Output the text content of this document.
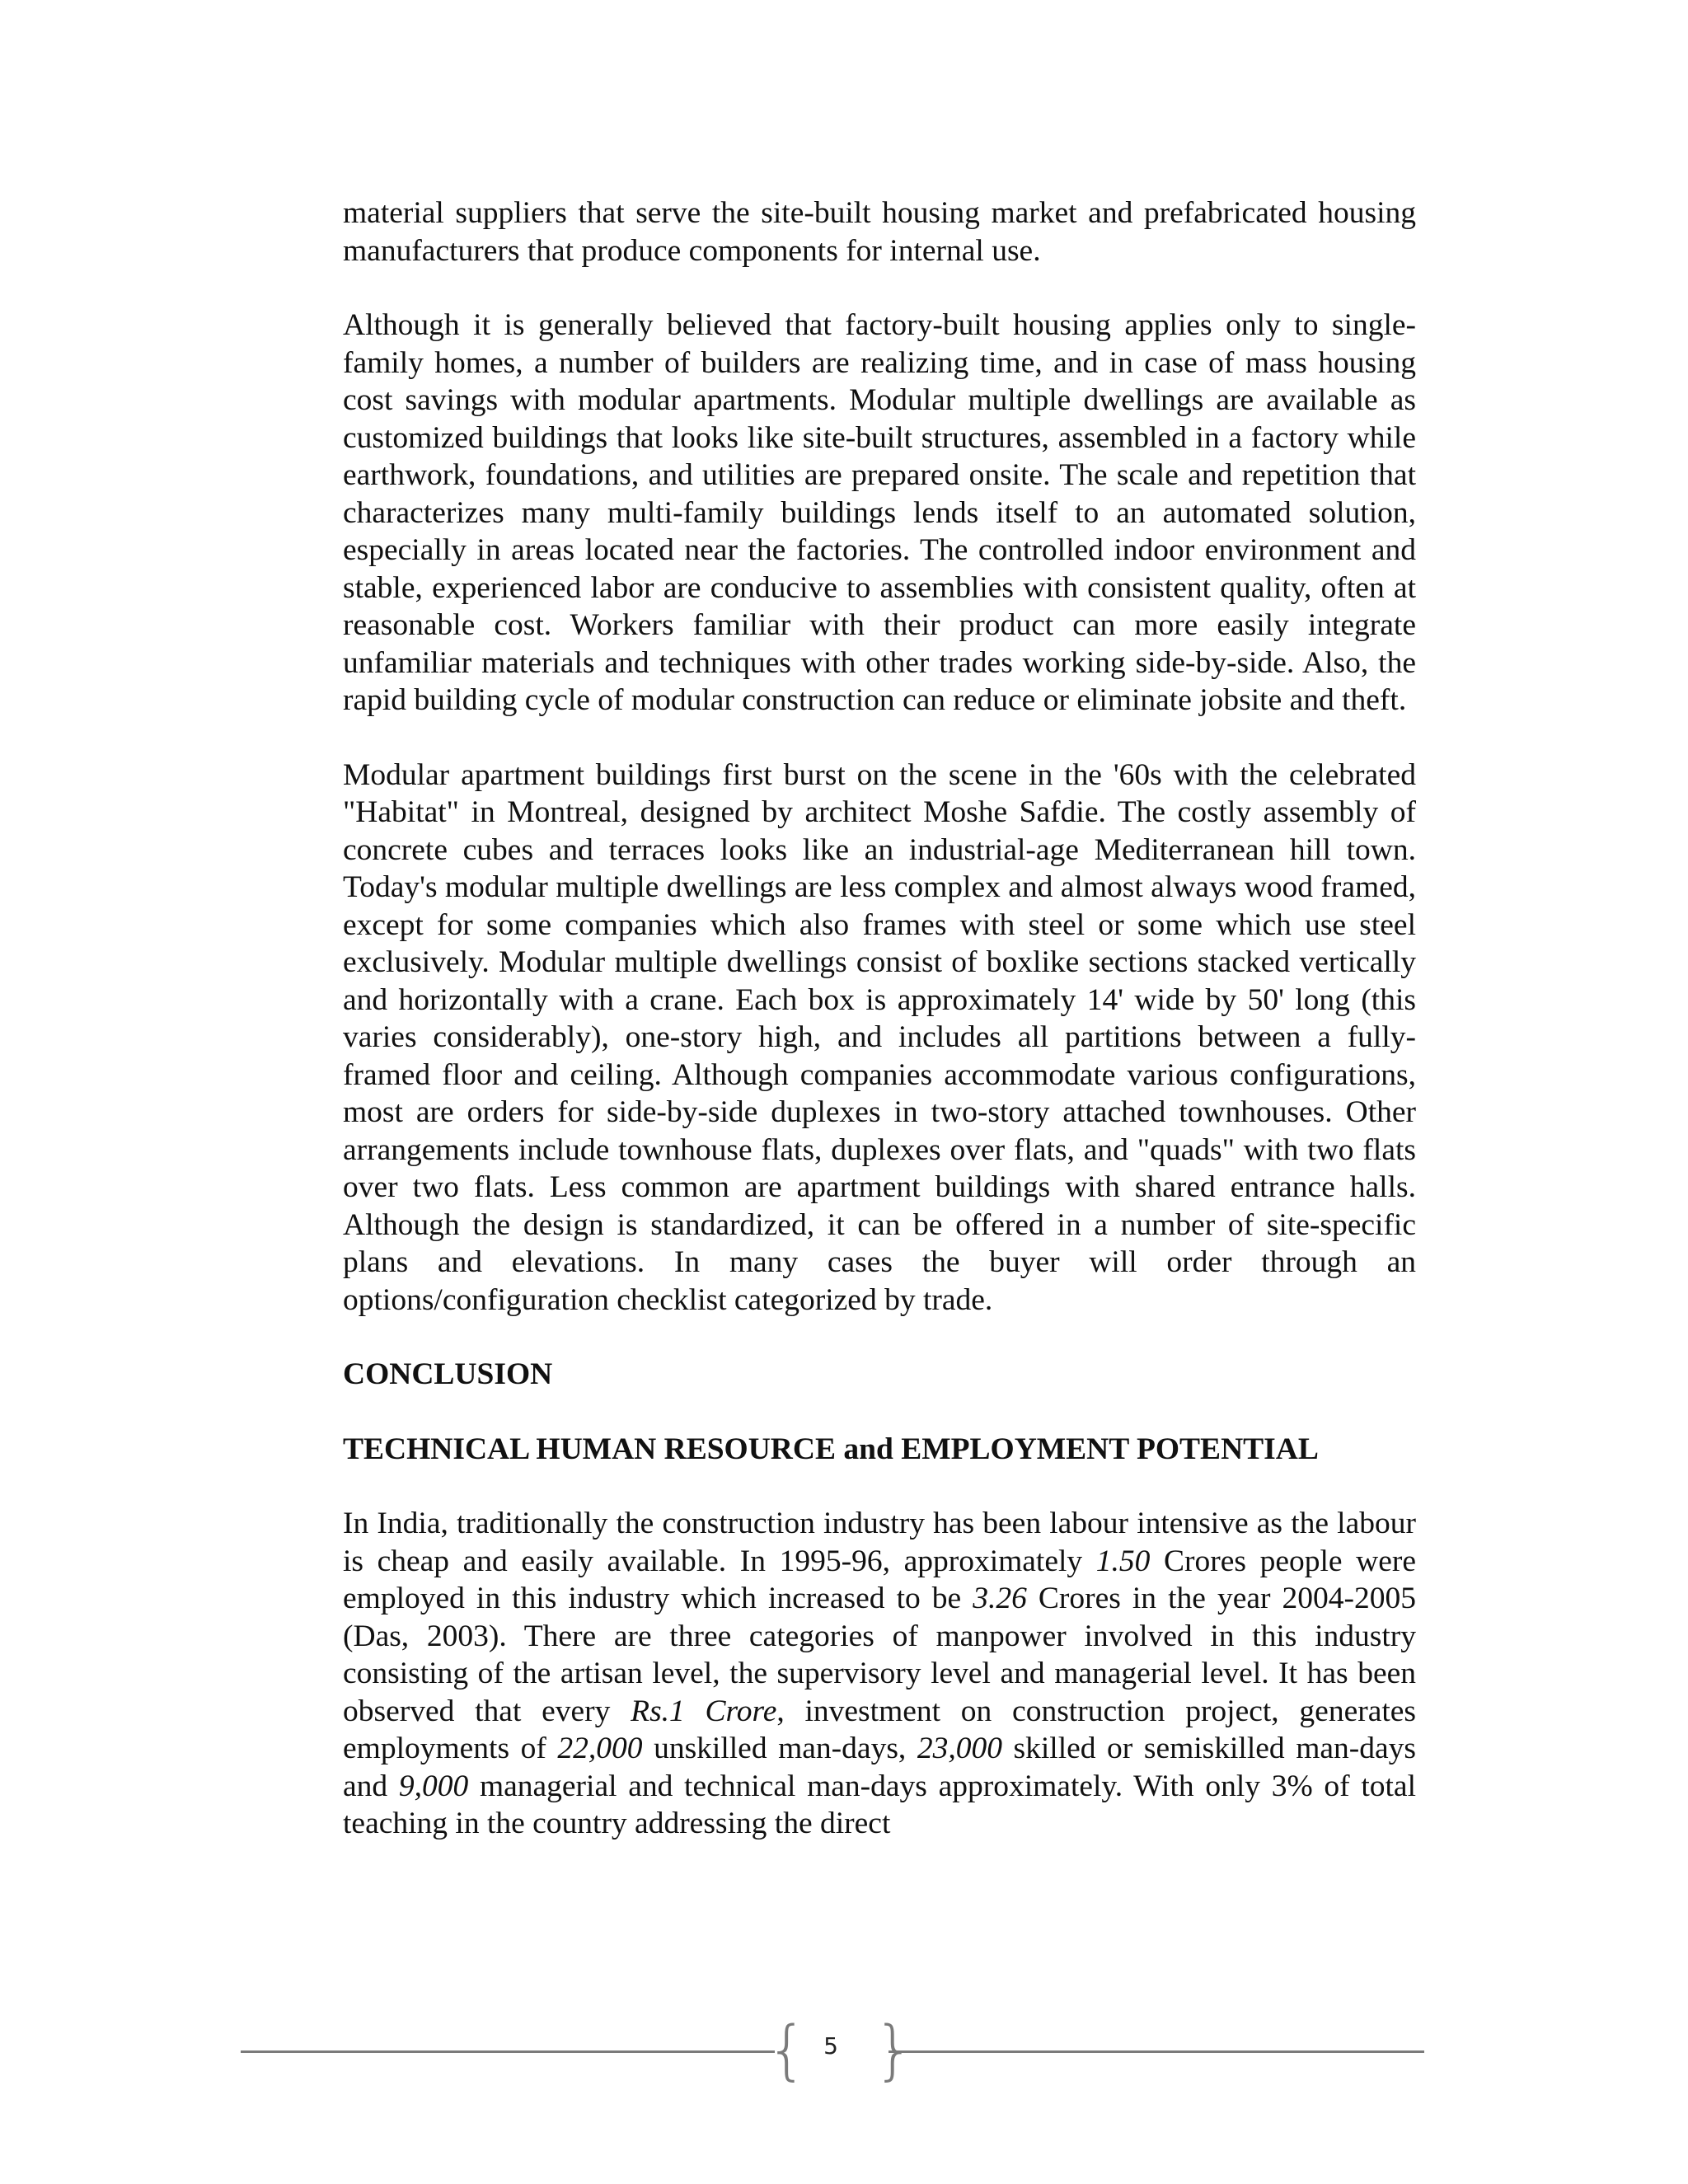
material suppliers that serve the site-built housing market and prefabricated housing manufacturers that produce components for internal use.

Although it is generally believed that factory-built housing applies only to single-family homes, a number of builders are realizing time, and in case of mass housing cost savings with modular apartments. Modular multiple dwellings are available as customized buildings that looks like site-built structures, assembled in a factory while earthwork, foundations, and utilities are prepared onsite. The scale and repetition that characterizes many multi-family buildings lends itself to an automated solution, especially in areas located near the factories. The controlled indoor environment and stable, experienced labor are conducive to assemblies with consistent quality, often at reasonable cost. Workers familiar with their product can more easily integrate unfamiliar materials and techniques with other trades working side-by-side. Also, the rapid building cycle of modular construction can reduce or eliminate jobsite and theft.

Modular apartment buildings first burst on the scene in the '60s with the celebrated "Habitat" in Montreal, designed by architect Moshe Safdie. The costly assembly of concrete cubes and terraces looks like an industrial-age Mediterranean hill town. Today's modular multiple dwellings are less complex and almost always wood framed, except for some companies which also frames with steel or some which use steel exclusively. Modular multiple dwellings consist of boxlike sections stacked vertically and horizontally with a crane. Each box is approximately 14' wide by 50' long (this varies considerably), one-story high, and includes all partitions between a fully-framed floor and ceiling. Although companies accommodate various configurations, most are orders for side-by-side duplexes in two-story attached townhouses. Other arrangements include townhouse flats, duplexes over flats, and "quads" with two flats over two flats. Less common are apartment buildings with shared entrance halls. Although the design is standardized, it can be offered in a number of site-specific plans and elevations. In many cases the buyer will order through an options/configuration checklist categorized by trade.

CONCLUSION

TECHNICAL HUMAN RESOURCE and EMPLOYMENT POTENTIAL

In India, traditionally the construction industry has been labour intensive as the labour is cheap and easily available. In 1995-96, approximately 1.50 Crores people were employed in this industry which increased to be 3.26 Crores in the year 2004-2005 (Das, 2003). There are three categories of manpower involved in this industry consisting of the artisan level, the supervisory level and managerial level. It has been observed that every Rs.1 Crore, investment on construction project, generates employments of 22,000 unskilled man-days, 23,000 skilled or semiskilled man-days and 9,000 managerial and technical man-days approximately. With only 3% of total teaching in the country addressing the direct

{ 5 }
